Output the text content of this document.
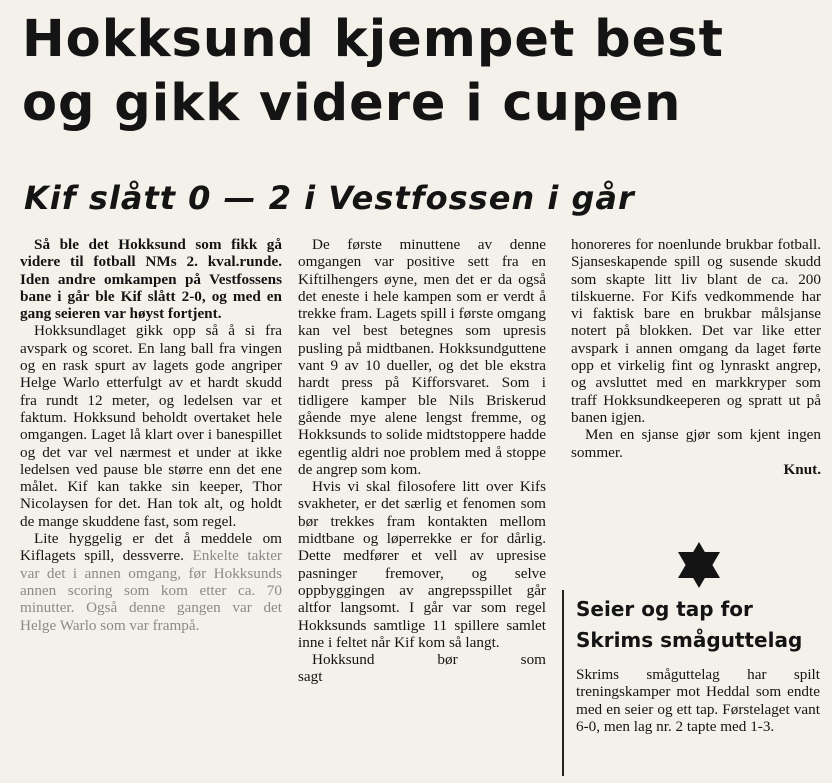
Hokksund kjempet best
og gikk videre i cupen
Kif slått 0 — 2 i Vestfossen i går

Så ble det Hokksund som fikk gå videre til fotball NMs 2. kval.runde. Iden andre omkampen på Vestfossens bane i går ble Kif slått 2-0, og med en gang seieren var høyst fortjent.

Hokksundlaget gikk opp så å si fra avspark og scoret. En lang ball fra vingen og en rask spurt av lagets gode angriper Helge Warlo etterfulgt av et hardt skudd fra rundt 12 meter, og ledelsen var et faktum. Hokksund beholdt overtaket hele omgangen. Laget lå klart over i banespillet og det var vel nærmest et under at ikke ledelsen ved pause ble større enn det ene målet. Kif kan takke sin keeper, Thor Nicolaysen for det. Han tok alt, og holdt de mange skuddene fast, som regel.

Lite hyggelig er det å meddele om Kiflagets spill, dessverre. Enkelte takter var det i annen omgang, før Hokksunds annen scoring som kom etter ca. 70 minutter. Også denne gangen var det Helge Warlo som var frampå.

De første minuttene av denne omgangen var positive sett fra en Kiftilhengers øyne, men det er da også det eneste i hele kampen som er verdt å trekke fram. Lagets spill i første omgang kan vel best betegnes som upresis pusling på midtbanen. Hokksundguttene vant 9 av 10 dueller, og det ble ekstra hardt press på Kifforsvaret. Som i tidligere kamper ble Nils Briskerud gående mye alene lengst fremme, og Hokksunds to solide midtstoppere hadde egentlig aldri noe problem med å stoppe de angrep som kom.

Hvis vi skal filosofere litt over Kifs svakheter, er det særlig et fenomen som bør trekkes fram kontakten mellom midtbane og løperrekke er for dårlig. Dette medfører et vell av upresise pasninger fremover, og selve oppbyggingen av angrepsspillet går altfor langsomt. I går var som regel Hokksunds samtlige 11 spillere samlet inne i feltet når Kif kom så langt.

Hokksund bør som sagt

honoreres for noenlunde brukbar fotball. Sjanseskapende spill og susende skudd som skapte litt liv blant de ca. 200 tilskuerne. For Kifs vedkommende har vi faktisk bare en brukbar målsjanse notert på blokken. Det var like etter avspark i annen omgang da laget førte opp et virkelig fint og lynraskt angrep, og avsluttet med en markkryper som traff Hokksundkeeperen og spratt ut på banen igjen.

Men en sjanse gjør som kjent ingen sommer.

Knut.

Seier og tap for Skrims småguttelag

Skrims småguttelag har spilt treningskamper mot Heddal som endte med en seier og ett tap. Førstelaget vant 6-0, men lag nr. 2 tapte med 1-3.
